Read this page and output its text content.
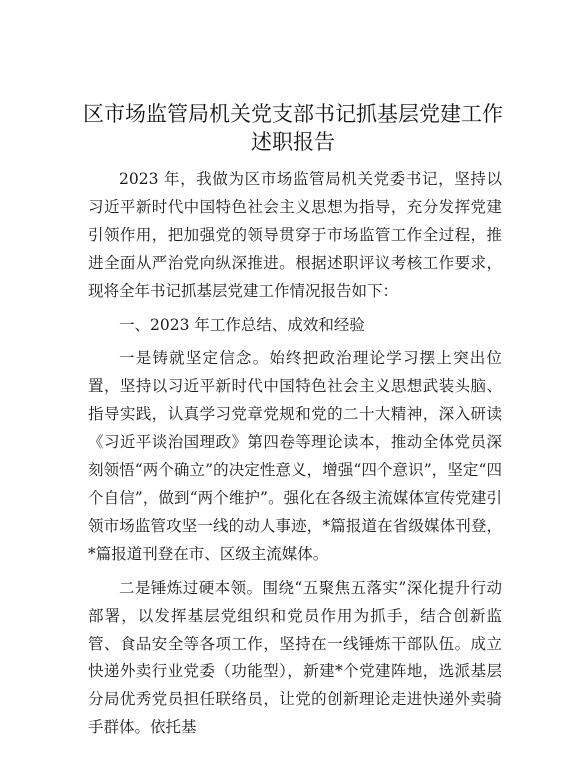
区市场监管局机关党支部书记抓基层党建工作
述职报告

2023 年，我做为区市场监管局机关党委书记，坚持以习近平新时代中国特色社会主义思想为指导，充分发挥党建引领作用，把加强党的领导贯穿于市场监管工作全过程，推进全面从严治党向纵深推进。根据述职评议考核工作要求，现将全年书记抓基层党建工作情况报告如下：

一、2023 年工作总结、成效和经验

一是铸就坚定信念。始终把政治理论学习摆上突出位置，坚持以习近平新时代中国特色社会主义思想武装头脑、指导实践，认真学习党章党规和党的二十大精神，深入研读《习近平谈治国理政》第四卷等理论读本，推动全体党员深刻领悟“两个确立”的决定性意义，增强“四个意识”，坚定“四个自信”，做到“两个维护”。强化在各级主流媒体宣传党建引领市场监管攻坚一线的动人事迹，*篇报道在省级媒体刊登，*篇报道刊登在市、区级主流媒体。

二是锤炼过硬本领。围绕“五聚焦五落实”深化提升行动部署，以发挥基层党组织和党员作用为抓手，结合创新监管、食品安全等各项工作，坚持在一线锤炼干部队伍。成立快递外卖行业党委（功能型），新建*个党建阵地，选派基层分局优秀党员担任联络员，让党的创新理论走进快递外卖骑手群体。依托基
